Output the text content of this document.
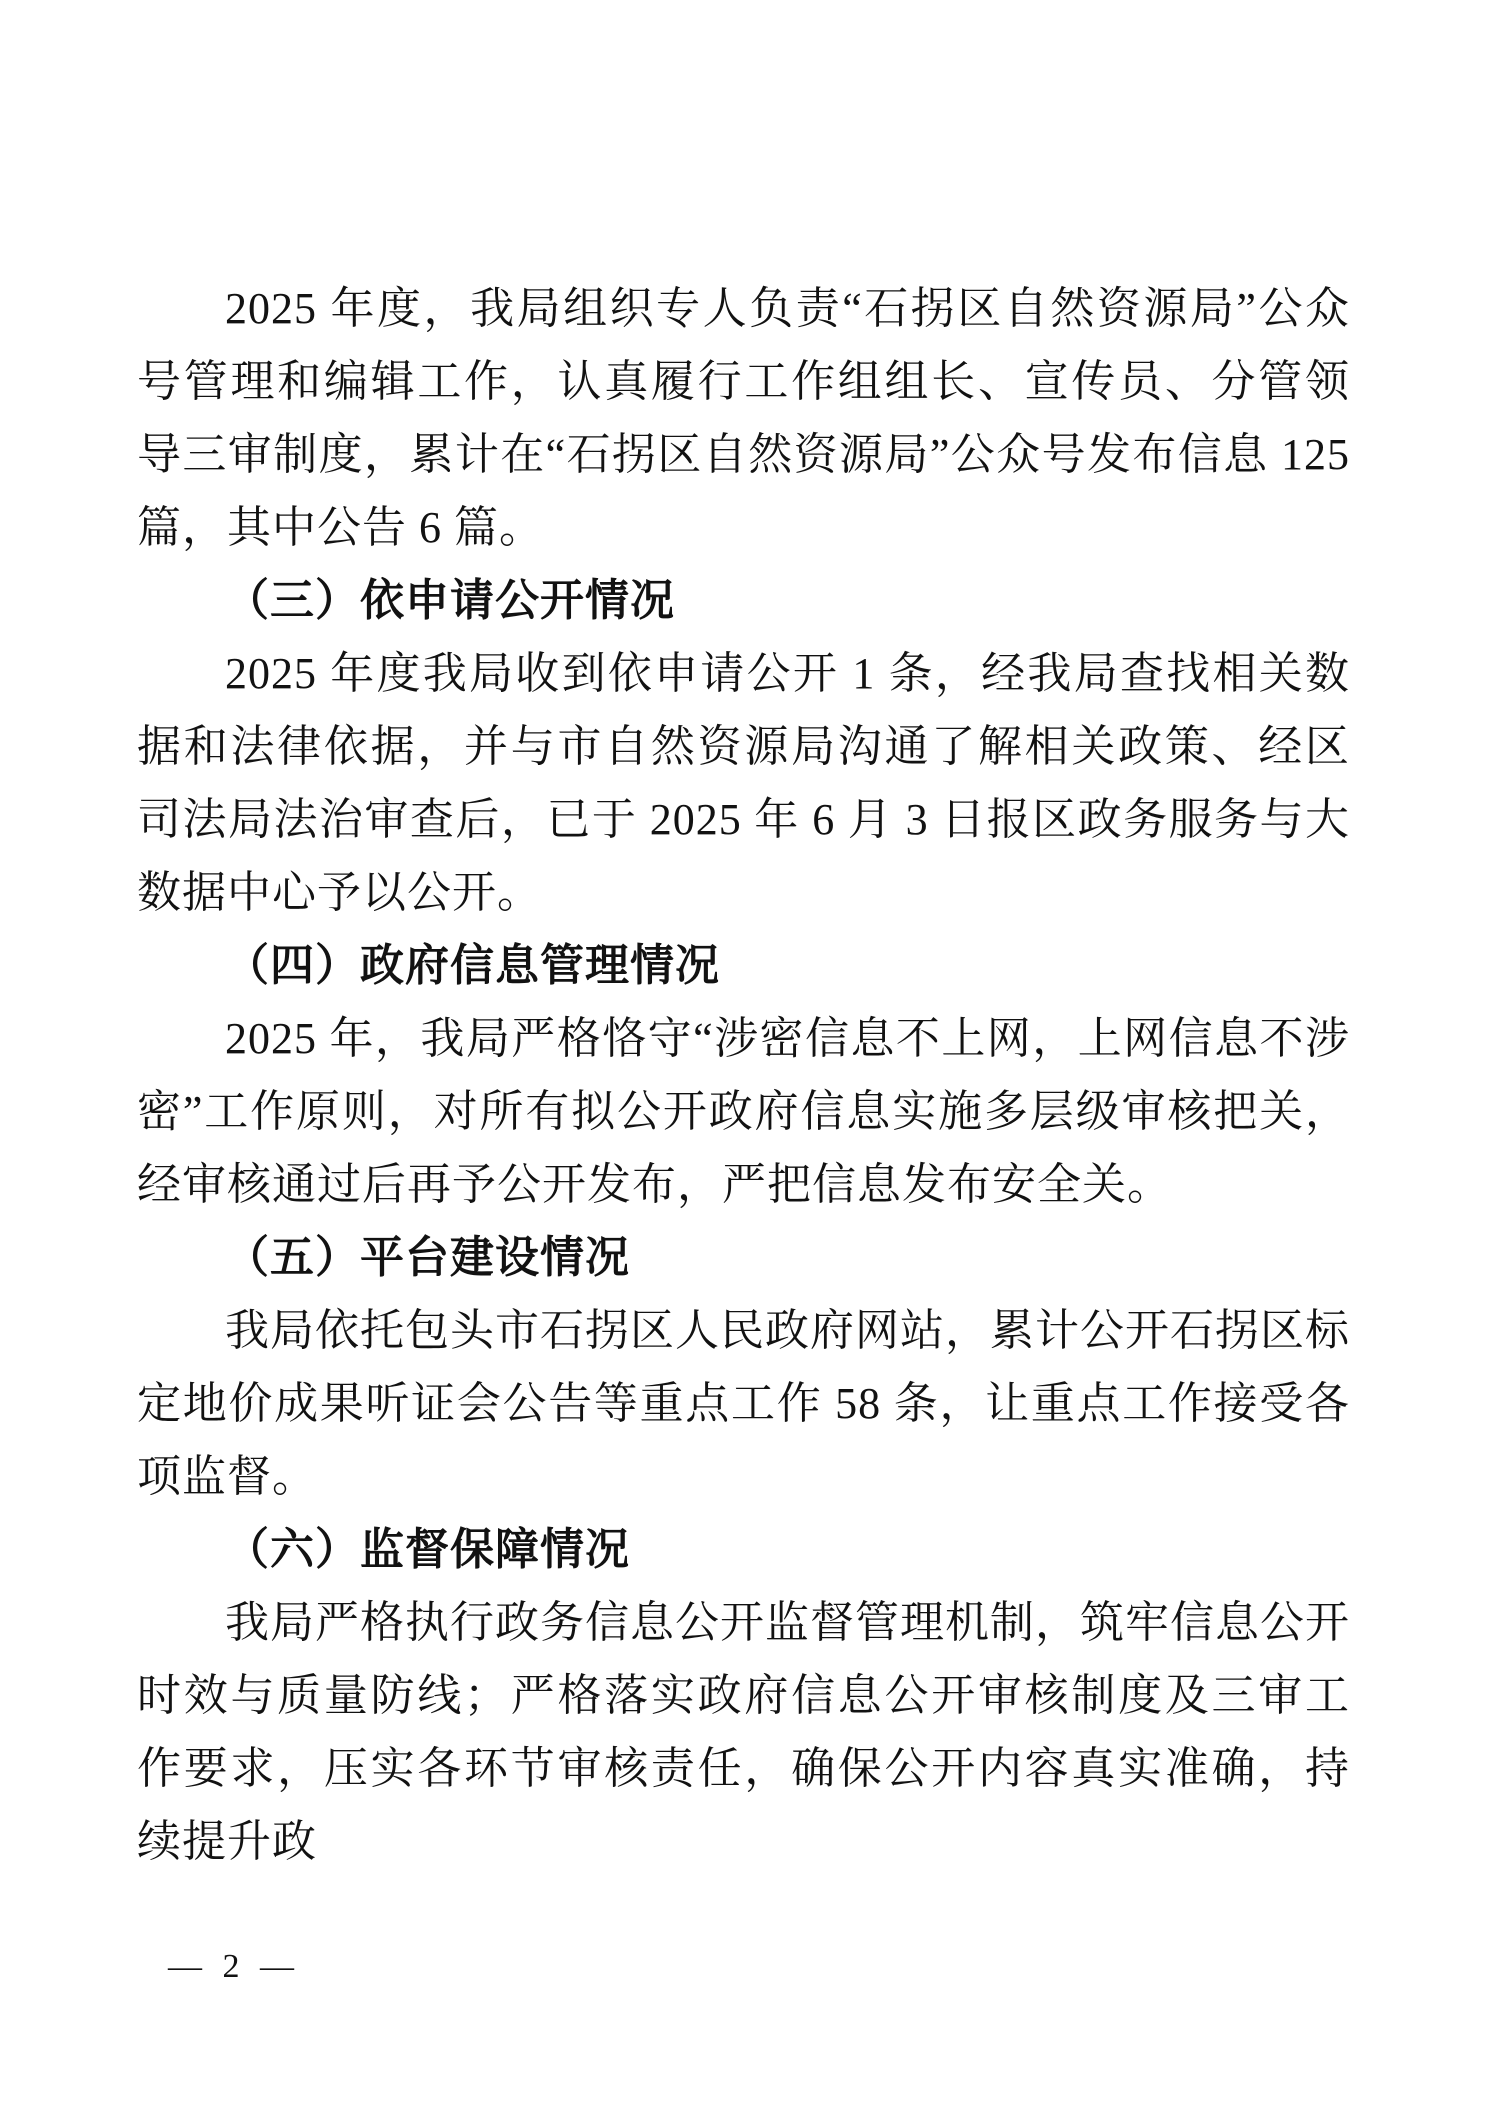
2025 年度，我局组织专人负责“石拐区自然资源局”公众号管理和编辑工作，认真履行工作组组长、宣传员、分管领导三审制度，累计在“石拐区自然资源局”公众号发布信息 125 篇，其中公告 6 篇。

（三）依申请公开情况

2025 年度我局收到依申请公开 1 条，经我局查找相关数据和法律依据，并与市自然资源局沟通了解相关政策、经区司法局法治审查后，已于 2025 年 6 月 3 日报区政务服务与大数据中心予以公开。

（四）政府信息管理情况

2025 年，我局严格恪守“涉密信息不上网，上网信息不涉密”工作原则，对所有拟公开政府信息实施多层级审核把关，经审核通过后再予公开发布，严把信息发布安全关。

（五）平台建设情况

我局依托包头市石拐区人民政府网站，累计公开石拐区标定地价成果听证会公告等重点工作 58 条，让重点工作接受各项监督。

（六）监督保障情况

我局严格执行政务信息公开监督管理机制，筑牢信息公开时效与质量防线；严格落实政府信息公开审核制度及三审工作要求，压实各环节审核责任，确保公开内容真实准确，持续提升政

— 2 —
